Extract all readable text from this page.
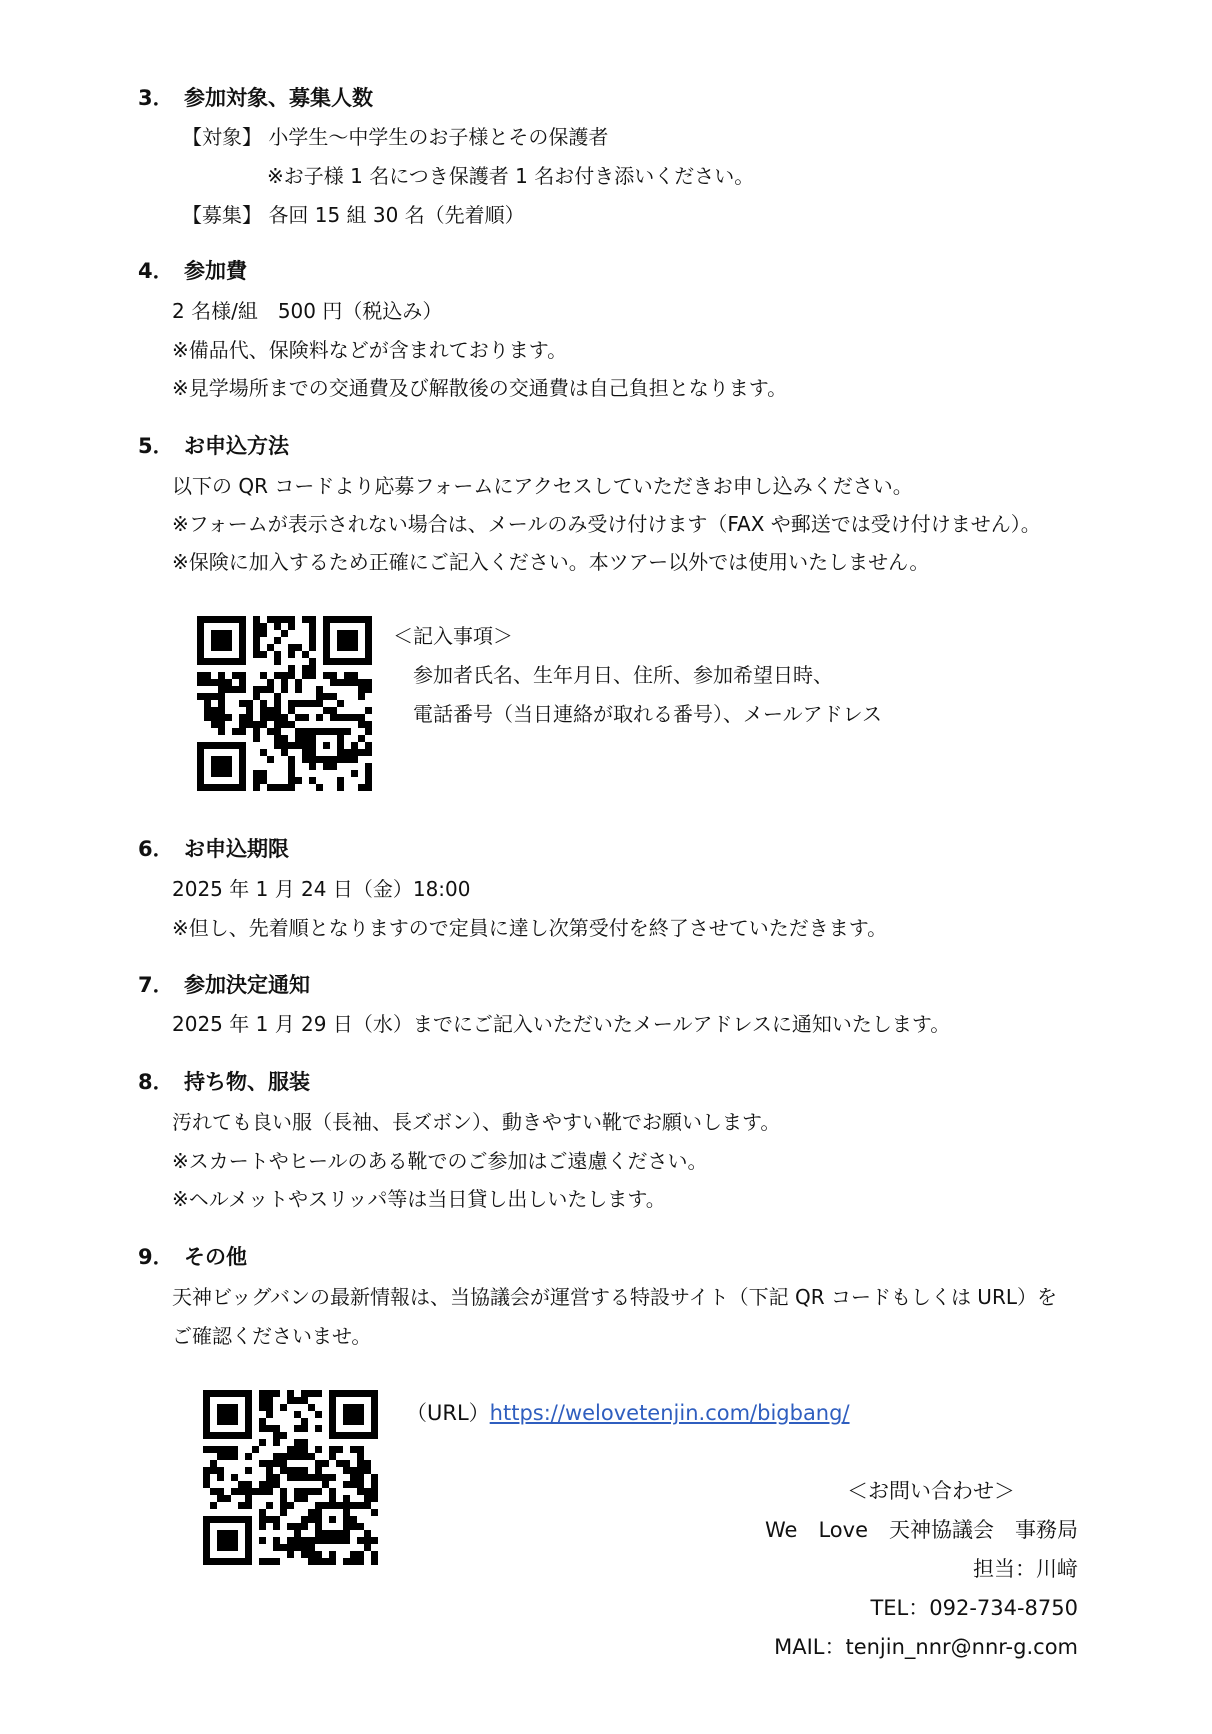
3． 参加対象、募集人数

【対象】 小学生～中学生のお子様とその保護者

※お子様 1 名につき保護者 1 名お付き添いください。

【募集】 各回 15 組 30 名（先着順）

4． 参加費

2 名様/組　500 円（税込み）

※備品代、保険料などが含まれております。

※見学場所までの交通費及び解散後の交通費は自己負担となります。

5． お申込方法

以下の QR コードより応募フォームにアクセスしていただきお申し込みください。

※フォームが表示されない場合は、メールのみ受け付けます（FAX や郵送では受け付けません）。

※保険に加入するため正確にご記入ください。本ツアー以外では使用いたしません。

＜記入事項＞

参加者氏名、生年月日、住所、参加希望日時、

電話番号（当日連絡が取れる番号）、メールアドレス

6． お申込期限

2025 年 1 月 24 日（金）18:00

※但し、先着順となりますので定員に達し次第受付を終了させていただきます。

7． 参加決定通知

2025 年 1 月 29 日（水）までにご記入いただいたメールアドレスに通知いたします。

8． 持ち物、服装

汚れても良い服（長袖、長ズボン）、動きやすい靴でお願いします。

※スカートやヒールのある靴でのご参加はご遠慮ください。

※ヘルメットやスリッパ等は当日貸し出しいたします。

9． その他

天神ビッグバンの最新情報は、当協議会が運営する特設サイト（下記 QR コードもしくは URL）を

ご確認くださいませ。

（URL）https://welovetenjin.com/bigbang/

＜お問い合わせ＞

We　Love　天神協議会　事務局

担当：川﨑

TEL：092-734-8750

MAIL：tenjin_nnr@nnr-g.com
